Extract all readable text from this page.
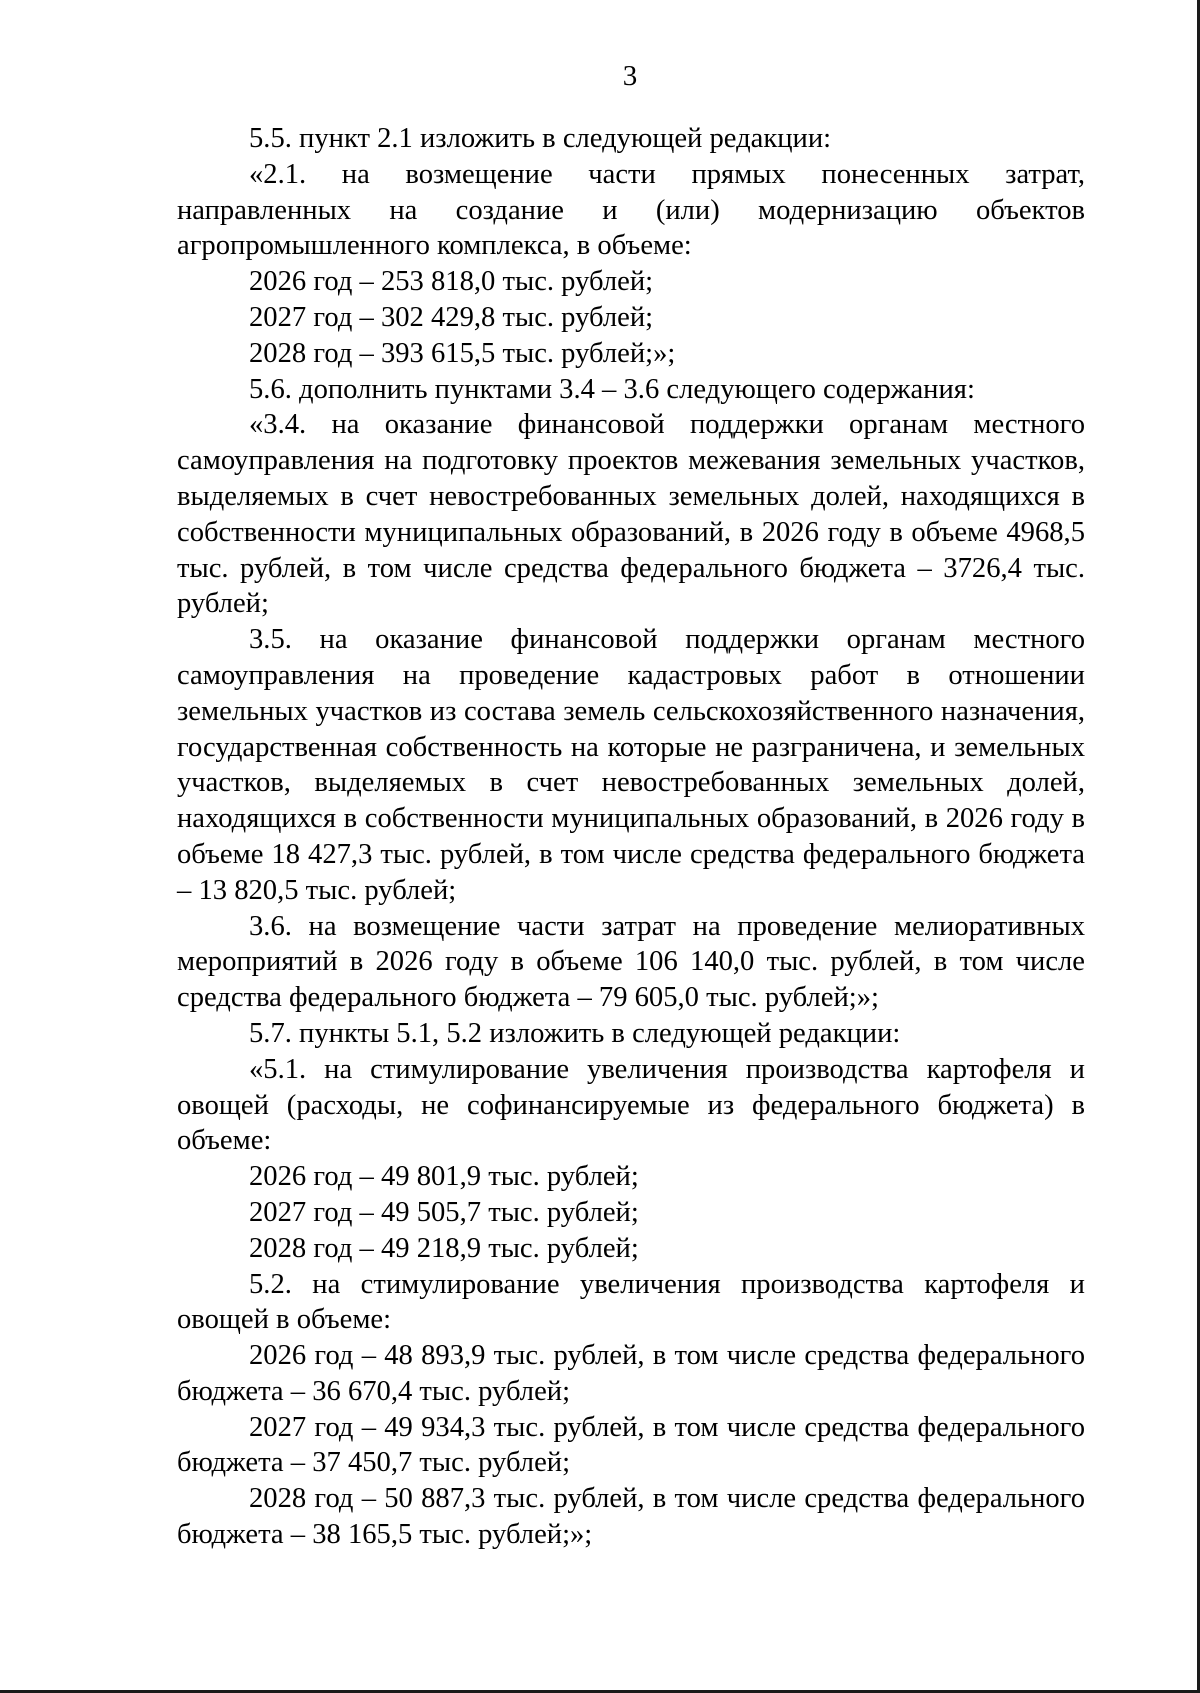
3

5.5. пункт 2.1 изложить в следующей редакции:

«2.1. на возмещение части прямых понесенных затрат, направленных на создание и (или) модернизацию объектов агропромышленного комплекса, в объеме:

2026 год – 253 818,0 тыс. рублей;

2027 год – 302 429,8 тыс. рублей;

2028 год – 393 615,5 тыс. рублей;»;

5.6. дополнить пунктами 3.4 – 3.6 следующего содержания:

«3.4. на оказание финансовой поддержки органам местного самоуправления на подготовку проектов межевания земельных участков, выделяемых в счет невостребованных земельных долей, находящихся в собственности муниципальных образований, в 2026 году в объеме 4968,5 тыс. рублей, в том числе средства федерального бюджета – 3726,4 тыс. рублей;

3.5. на оказание финансовой поддержки органам местного самоуправления на проведение кадастровых работ в отношении земельных участков из состава земель сельскохозяйственного назначения, государственная собственность на которые не разграничена, и земельных участков, выделяемых в счет невостребованных земельных долей, находящихся в собственности муниципальных образований, в 2026 году в объеме 18 427,3 тыс. рублей, в том числе средства федерального бюджета – 13 820,5 тыс. рублей;

3.6. на возмещение части затрат на проведение мелиоративных мероприятий в 2026 году в объеме 106 140,0 тыс. рублей, в том числе средства федерального бюджета – 79 605,0 тыс. рублей;»;

5.7. пункты 5.1, 5.2 изложить в следующей редакции:

«5.1. на стимулирование увеличения производства картофеля и овощей (расходы, не софинансируемые из федерального бюджета) в объеме:

2026 год – 49 801,9 тыс. рублей;

2027 год – 49 505,7 тыс. рублей;

2028 год – 49 218,9 тыс. рублей;

5.2. на стимулирование увеличения производства картофеля и овощей в объеме:

2026 год – 48 893,9 тыс. рублей, в том числе средства федерального бюджета – 36 670,4 тыс. рублей;

2027 год – 49 934,3 тыс. рублей, в том числе средства федерального бюджета – 37 450,7 тыс. рублей;

2028 год – 50 887,3 тыс. рублей, в том числе средства федерального бюджета – 38 165,5 тыс. рублей;»;
